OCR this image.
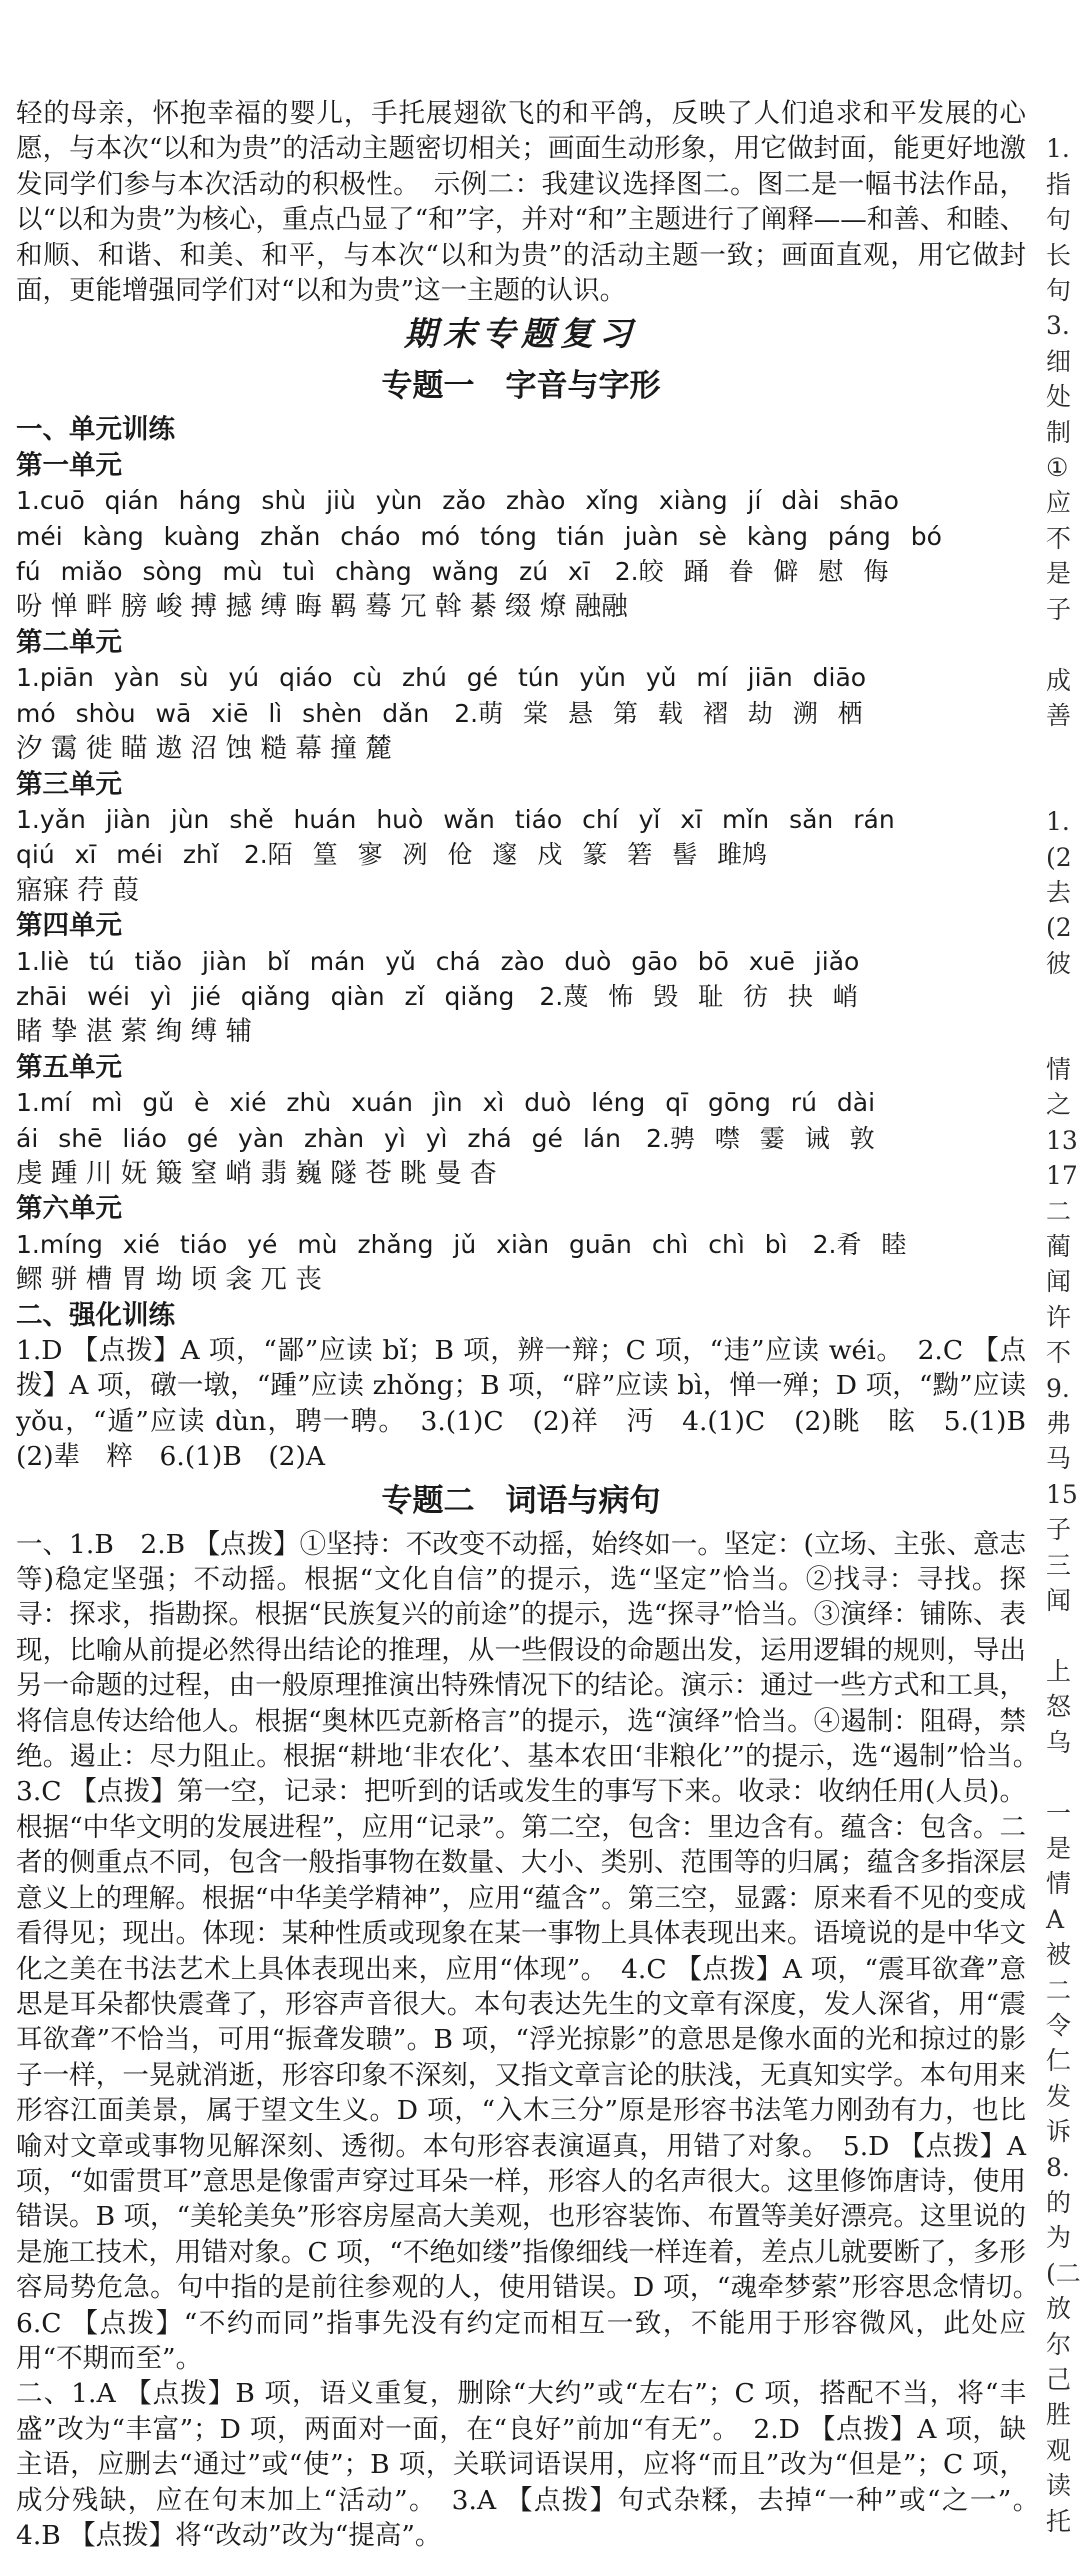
轻的母亲，怀抱幸福的婴儿，手托展翅欲飞的和平鸽，反映了人们追求和平发展的心愿，与本次“以和为贵”的活动主题密切相关；画面生动形象，用它做封面，能更好地激发同学们参与本次活动的积极性。　示例二：我建议选择图二。图二是一幅书法作品，以“以和为贵”为核心，重点凸显了“和”字，并对“和”主题进行了阐释——和善、和睦、和顺、和谐、和美、和平，与本次“以和为贵”的活动主题一致；画面直观，用它做封面，更能增强同学们对“以和为贵”这一主题的认识。

期末专题复习
专题一　字音与字形

一、单元训练

第一单元

1.cuō qián háng shù jiù yùn zǎo zhào xǐng xiàng jí dài shāo

méi kàng kuàng zhǎn cháo mó tóng tián juàn sè kàng páng bó

fú miǎo sòng mù tuì chàng wǎng zú xī　2.皎 踊 眷 僻 慰 侮

吩 惮 畔 膀 峻 搏 撼 缚 晦 羁 蓦 冗 斡 綦 缀 燎 融融

第二单元

1.piān yàn sù yú qiáo cù zhú gé tún yǔn yǔ mí jiān diāo

mó shòu wā xiē lì shèn dǎn　2.萌 棠 悬 第 载 褶 劫 溯 栖

汐 霭 徙 瞄 遨 沼 蚀 糙 幕 撞 麓

第三单元

1.yǎn jiàn jùn shě huán huò wǎn tiáo chí yǐ xī mǐn sǎn rán

qiú xī méi zhǐ　2.陌 篁 寥 冽 伧 邃 戍 篆 箬 髻 雎鸠

寤寐 荇 葭

第四单元

1.liè tú tiǎo jiàn bǐ mán yǔ chá zào duò gāo bō xuē jiǎo

zhāi wéi yì jié qiǎng qiàn zǐ qiǎng　2.蔑 怖 毁 耻 彷 抉 峭

睹 挚 湛 萦 绚 缚 辅

第五单元

1.mí mì gǔ è xié zhù xuán jìn xì duò léng qī gōng rú dài

ái shē liáo gé yàn zhàn yì yì zhá gé lán　2.骋 噤 霎 诫 敦

虔 踵 川 妩 簸 窒 峭 翡 巍 隧 苍 眺 曼 杳

第六单元

1.míng xié tiáo yé mù zhǎng jǔ xiàn guān chì chì bì　2.肴 睦

鳏 骈 槽 胃 坳 顷 衾 兀 丧

二、强化训练

1.D 【点拨】A 项，“鄙”应读 bǐ；B 项，辨一辩；C 项，“违”应读 wéi。　2.C 【点拨】A 项，礅一墩，“踵”应读 zhǒng；B 项，“辟”应读 bì，惮一殚；D 项，“黝”应读 yǒu，“遁”应读 dùn，聘一聘。　3.(1)C　(2)祥　沔　4.(1)C　(2)眺　眩　5.(1)B　(2)辈　粹　6.(1)B　(2)A

专题二　词语与病句

一、1.B　2.B 【点拨】①坚持：不改变不动摇，始终如一。坚定：(立场、主张、意志等)稳定坚强；不动摇。根据“文化自信”的提示，选“坚定”恰当。②找寻：寻找。探寻：探求，指勘探。根据“民族复兴的前途”的提示，选“探寻”恰当。③演绎：铺陈、表现，比喻从前提必然得出结论的推理，从一些假设的命题出发，运用逻辑的规则，导出另一命题的过程，由一般原理推演出特殊情况下的结论。演示：通过一些方式和工具，将信息传达给他人。根据“奥林匹克新格言”的提示，选“演绎”恰当。④遏制：阻碍，禁绝。遏止：尽力阻止。根据“耕地‘非农化’、基本农田‘非粮化’”的提示，选“遏制”恰当。　3.C 【点拨】第一空，记录：把听到的话或发生的事写下来。收录：收纳任用(人员)。根据“中华文明的发展进程”，应用“记录”。第二空，包含：里边含有。蕴含：包含。二者的侧重点不同，包含一般指事物在数量、大小、类别、范围等的归属；蕴含多指深层意义上的理解。根据“中华美学精神”，应用“蕴含”。第三空，显露：原来看不见的变成看得见；现出。体现：某种性质或现象在某一事物上具体表现出来。语境说的是中华文化之美在书法艺术上具体表现出来，应用“体现”。　4.C 【点拨】A 项，“震耳欲聋”意思是耳朵都快震聋了，形容声音很大。本句表达先生的文章有深度，发人深省，用“震耳欲聋”不恰当，可用“振聋发聩”。B 项，“浮光掠影”的意思是像水面的光和掠过的影子一样，一晃就消逝，形容印象不深刻，又指文章言论的肤浅，无真知实学。本句用来形容江面美景，属于望文生义。D 项，“入木三分”原是形容书法笔力刚劲有力，也比喻对文章或事物见解深刻、透彻。本句形容表演逼真，用错了对象。　5.D 【点拨】A 项，“如雷贯耳”意思是像雷声穿过耳朵一样，形容人的名声很大。这里修饰唐诗，使用错误。B 项，“美轮美奂”形容房屋高大美观，也形容装饰、布置等美好漂亮。这里说的是施工技术，用错对象。C 项，“不绝如缕”指像细线一样连着，差点儿就要断了，多形容局势危急。句中指的是前往参观的人，使用错误。D 项，“魂牵梦萦”形容思念情切。　6.C 【点拨】“不约而同”指事先没有约定而相互一致，不能用于形容微风，此处应用“不期而至”。

二、1.A 【点拨】B 项，语义重复，删除“大约”或“左右”；C 项，搭配不当，将“丰盛”改为“丰富”；D 项，两面对一面，在“良好”前加“有无”。　2.D 【点拨】A 项，缺主语，应删去“通过”或“使”；B 项，关联词语误用，应将“而且”改为“但是”；C 项，成分残缺，应在句末加上“活动”。　3.A 【点拨】句式杂糅，去掉“一种”或“之一”。　4.B 【点拨】将“改动”改为“提高”。

1.
指
句
长
句
3.
细
处
制
①
应
不
是
子

成
善

1.
(2
去
(2
彼

情
之
13
17
二
蔺
闻
许
不
9.
弗
马
15
子
三
闻

上
怒
乌

一
是
情
A
被
二
令
仁
发
诉
8.
的
为
(二
放
尔
己
胜
观
读
托
